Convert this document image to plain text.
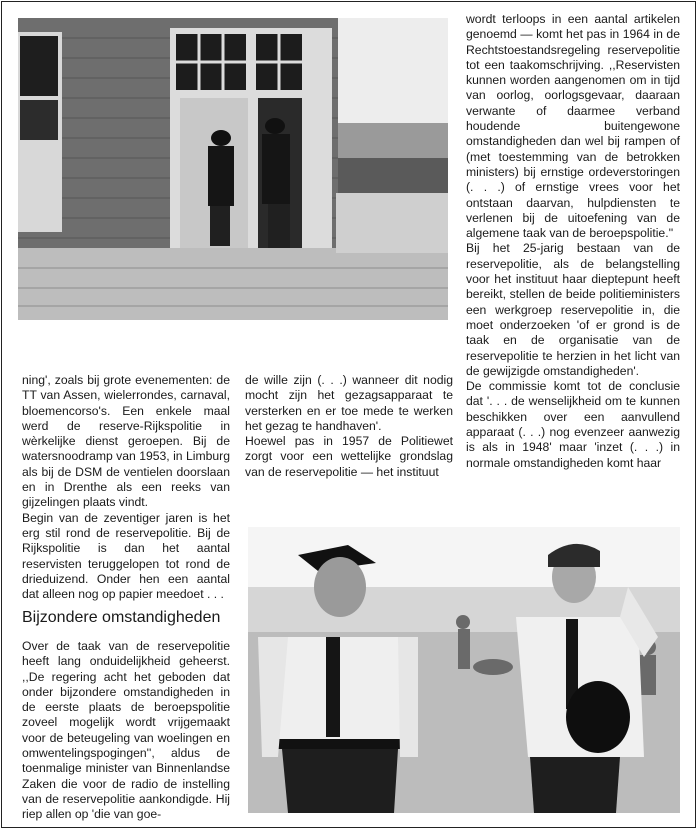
wordt terloops in een aantal artikelen genoemd — komt het pas in 1964 in de Rechtstoestandsregeling reservepolitie tot een taakomschrijving. ,,Reservisten kunnen worden aangenomen om in tijd van oorlog, oorlogsgevaar, daaraan verwante of daarmee verband houdende buitengewone omstandigheden dan wel bij rampen of (met toestemming van de betrokken ministers) bij ernstige ordeverstoringen (. . .) of ernstige vrees voor het ontstaan daarvan, hulpdiensten te verlenen bij de uitoefening van de algemene taak van de beroepspolitie.''

Bij het 25-jarig bestaan van de reservepolitie, als de belangstelling voor het instituut haar dieptepunt heeft bereikt, stellen de beide politieministers een werkgroep reservepolitie in, die moet onderzoeken 'of er grond is de taak en de organisatie van de reservepolitie te herzien in het licht van de gewijzigde omstandigheden'.

De commissie komt tot de conclusie dat '. . . de wenselijkheid om te kunnen beschikken over een aanvullend apparaat (. . .) nog evenzeer aanwezig is als in 1948' maar 'inzet (. . .) in normale omstandigheden komt haar

ning', zoals bij grote evenementen: de TT van Assen, wielerrondes, carnaval, bloemencorso's. Een enkele maal werd de reserve-Rijkspolitie in wèrkelijke dienst geroepen. Bij de watersnoodramp van 1953, in Limburg als bij de DSM de ventielen doorslaan en in Drenthe als een reeks van gijzelingen plaats vindt.

Begin van de zeventiger jaren is het erg stil rond de reservepolitie. Bij de Rijkspolitie is dan het aantal reservisten teruggelopen tot rond de drieduizend. Onder hen een aantal dat alleen nog op papier meedoet . . .

Bijzondere omstandigheden

Over de taak van de reservepolitie heeft lang onduidelijkheid geheerst. ,,De regering acht het geboden dat onder bijzondere omstandigheden in de eerste plaats de beroepspolitie zoveel mogelijk wordt vrijgemaakt voor de beteugeling van woelingen en omwentelingspogingen'', aldus de toenmalige minister van Binnenlandse Zaken die voor de radio de instelling van de reservepolitie aankondigde. Hij riep allen op 'die van goe-

de wille zijn (. . .) wanneer dit nodig mocht zijn het gezagsapparaat te versterken en er toe mede te werken het gezag te handhaven'.

Hoewel pas in 1957 de Politiewet zorgt voor een wettelijke grondslag van de reservepolitie — het instituut
